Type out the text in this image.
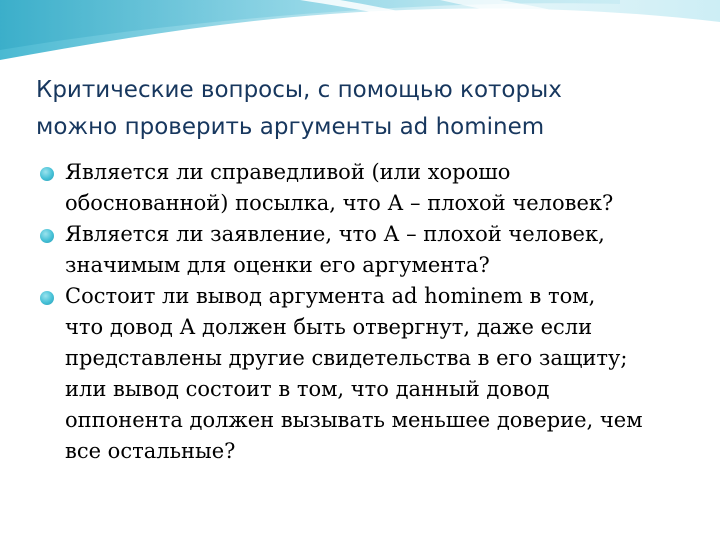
Критические вопросы, с помощью которых
можно проверить аргументы ad hominem
Является ли справедливой (или хорошо
обоснованной) посылка, что А – плохой человек?
Является ли заявление, что А – плохой человек,
значимым для оценки его аргумента?
Состоит ли вывод аргумента ad hominem в том,
что довод А должен быть отвергнут, даже если
представлены другие свидетельства в его защиту;
или вывод состоит в том, что данный довод
оппонента должен вызывать меньшее доверие, чем
все остальные?
